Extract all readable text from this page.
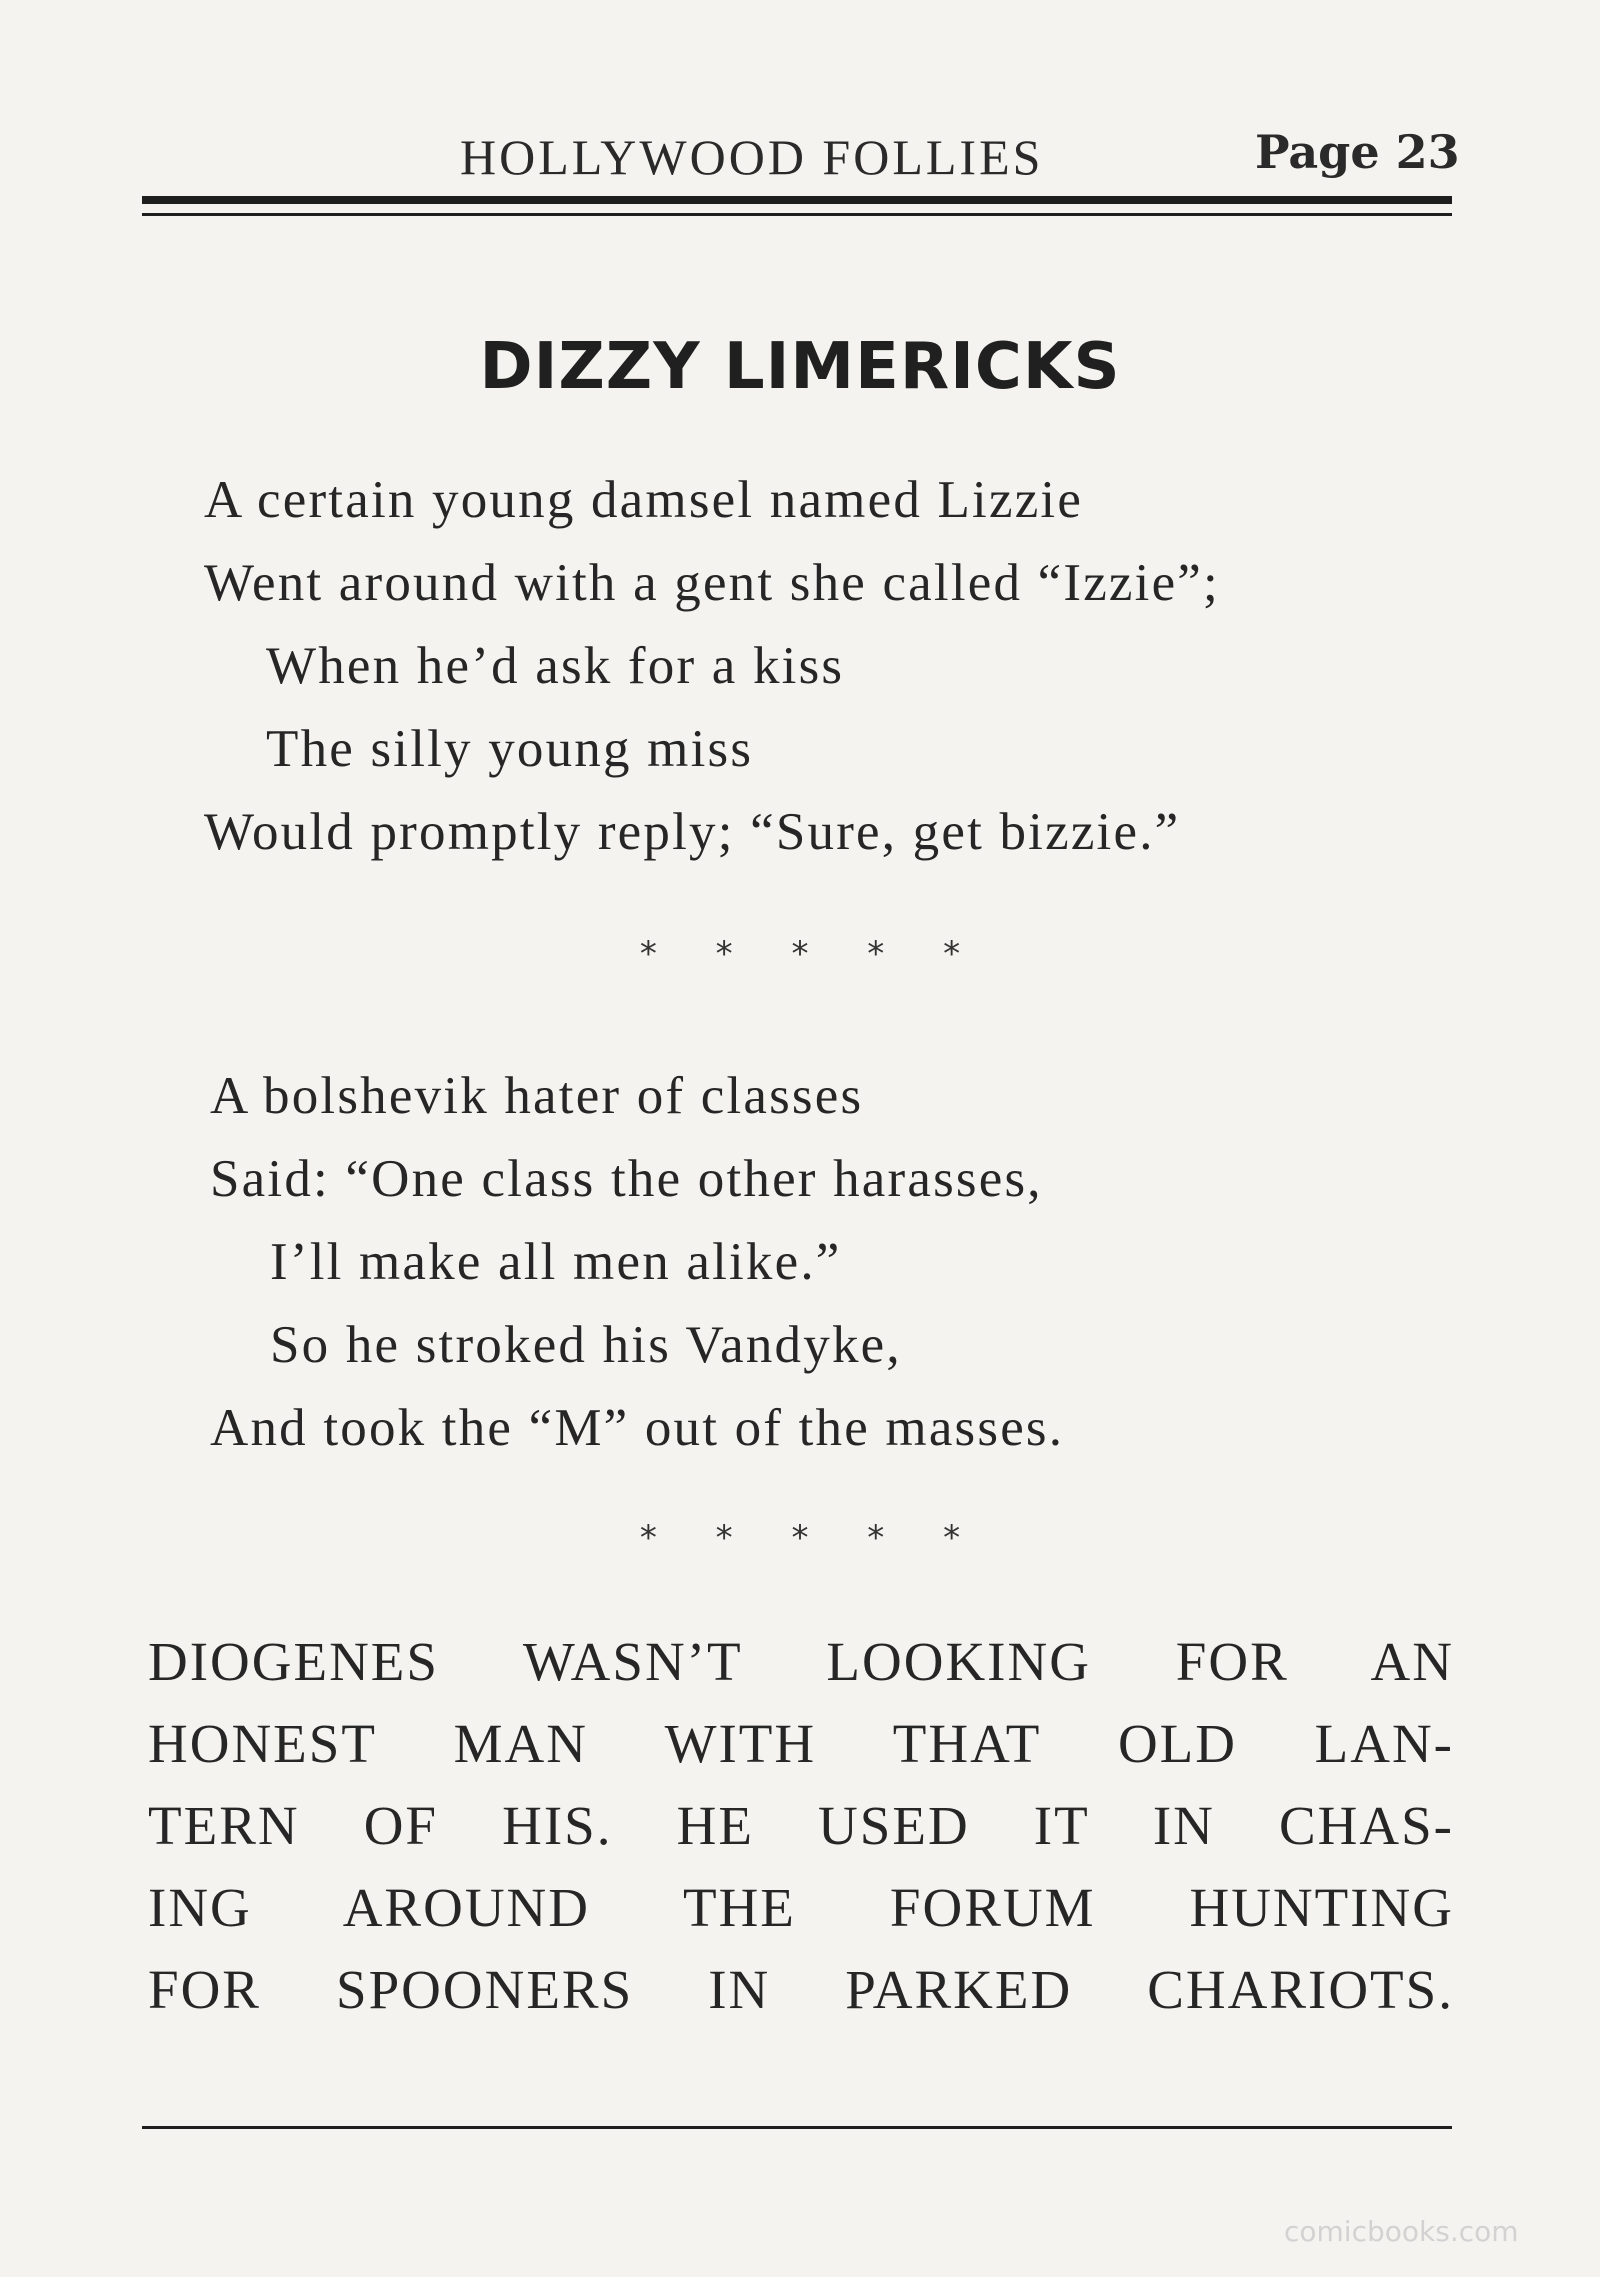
HOLLYWOOD FOLLIES	Page 23
DIZZY LIMERICKS
A certain young damsel named Lizzie
Went around with a gent she called “Izzie”;
When he’d ask for a kiss
The silly young miss
Would promptly reply; “Sure, get bizzie.”
* * * * *
A bolshevik hater of classes
Said: “One class the other harasses,
I’ll make all men alike.”
So he stroked his Vandyke,
And took the “M” out of the masses.
* * * * *
DIOGENES WASN’T LOOKING FOR AN
HONEST MAN WITH THAT OLD LAN-
TERN OF HIS. HE USED IT IN CHAS-
ING AROUND THE FORUM HUNTING
FOR SPOONERS IN PARKED CHARIOTS.
comicbooks.com
